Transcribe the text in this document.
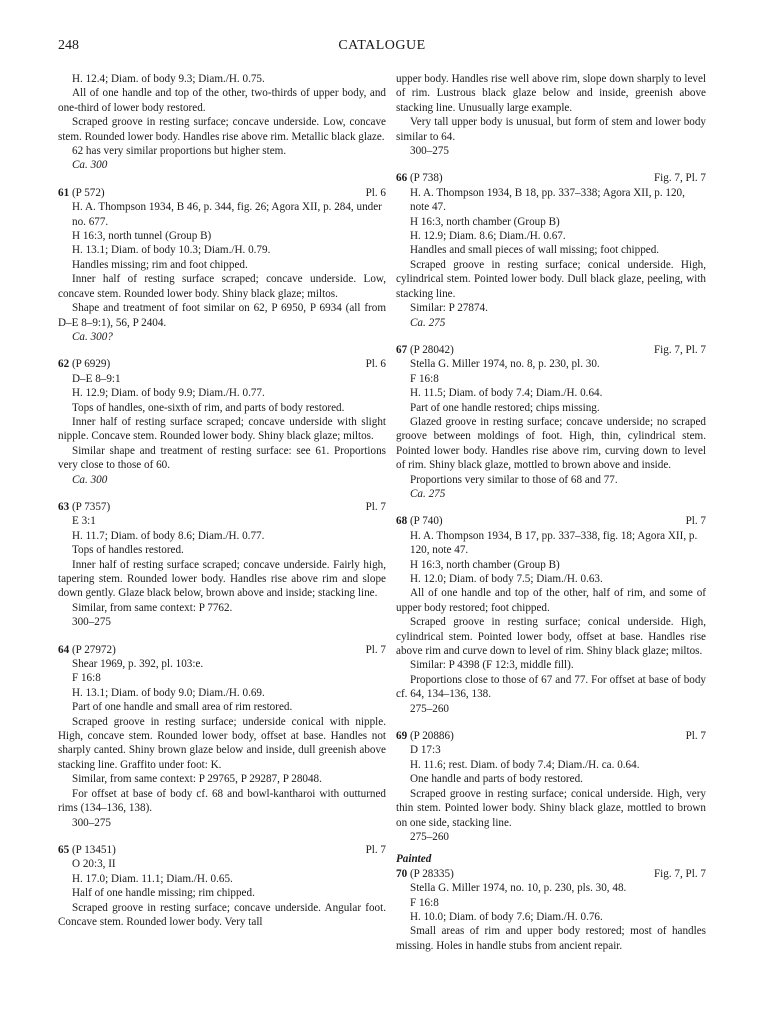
248	CATALOGUE

H. 12.4; Diam. of body 9.3; Diam./H. 0.75.

All of one handle and top of the other, two-thirds of upper body, and one-third of lower body restored.

Scraped groove in resting surface; concave underside. Low, concave stem. Rounded lower body. Handles rise above rim. Metallic black glaze.

62 has very similar proportions but higher stem.

Ca. 300

61 (P 572)	Pl. 6

H. A. Thompson 1934, B 46, p. 344, fig. 26; Agora XII, p. 284, under no. 677.

H 16:3, north tunnel (Group B)

H. 13.1; Diam. of body 10.3; Diam./H. 0.79.

Handles missing; rim and foot chipped.

Inner half of resting surface scraped; concave underside. Low, concave stem. Rounded lower body. Shiny black glaze; miltos.

Shape and treatment of foot similar on 62, P 6950, P 6934 (all from D–E 8–9:1), 56, P 2404.

Ca. 300?

62 (P 6929)	Pl. 6

D–E 8–9:1

H. 12.9; Diam. of body 9.9; Diam./H. 0.77.

Tops of handles, one-sixth of rim, and parts of body restored.

Inner half of resting surface scraped; concave underside with slight nipple. Concave stem. Rounded lower body. Shiny black glaze; miltos.

Similar shape and treatment of resting surface: see 61. Proportions very close to those of 60.

Ca. 300

63 (P 7357)	Pl. 7

E 3:1

H. 11.7; Diam. of body 8.6; Diam./H. 0.77.

Tops of handles restored.

Inner half of resting surface scraped; concave underside. Fairly high, tapering stem. Rounded lower body. Handles rise above rim and slope down gently. Glaze black below, brown above and inside; stacking line.

Similar, from same context: P 7762.

300–275

64 (P 27972)	Pl. 7

Shear 1969, p. 392, pl. 103:e.

F 16:8

H. 13.1; Diam. of body 9.0; Diam./H. 0.69.

Part of one handle and small area of rim restored.

Scraped groove in resting surface; underside conical with nipple. High, concave stem. Rounded lower body, offset at base. Handles not sharply canted. Shiny brown glaze below and inside, dull greenish above stacking line. Graffito under foot: K.

Similar, from same context: P 29765, P 29287, P 28048.

For offset at base of body cf. 68 and bowl-kantharoi with outturned rims (134–136, 138).

300–275

65 (P 13451)	Pl. 7

O 20:3, II

H. 17.0; Diam. 11.1; Diam./H. 0.65.

Half of one handle missing; rim chipped.

Scraped groove in resting surface; concave underside. Angular foot. Concave stem. Rounded lower body. Very tall

upper body. Handles rise well above rim, slope down sharply to level of rim. Lustrous black glaze below and inside, greenish above stacking line. Unusually large example.

Very tall upper body is unusual, but form of stem and lower body similar to 64.

300–275

66 (P 738)	Fig. 7, Pl. 7

H. A. Thompson 1934, B 18, pp. 337–338; Agora XII, p. 120, note 47.

H 16:3, north chamber (Group B)

H. 12.9; Diam. 8.6; Diam./H. 0.67.

Handles and small pieces of wall missing; foot chipped.

Scraped groove in resting surface; conical underside. High, cylindrical stem. Pointed lower body. Dull black glaze, peeling, with stacking line.

Similar: P 27874.

Ca. 275

67 (P 28042)	Fig. 7, Pl. 7

Stella G. Miller 1974, no. 8, p. 230, pl. 30.

F 16:8

H. 11.5; Diam. of body 7.4; Diam./H. 0.64.

Part of one handle restored; chips missing.

Glazed groove in resting surface; concave underside; no scraped groove between moldings of foot. High, thin, cylindrical stem. Pointed lower body. Handles rise above rim, curving down to level of rim. Shiny black glaze, mottled to brown above and inside.

Proportions very similar to those of 68 and 77.

Ca. 275

68 (P 740)	Pl. 7

H. A. Thompson 1934, B 17, pp. 337–338, fig. 18; Agora XII, p. 120, note 47.

H 16:3, north chamber (Group B)

H. 12.0; Diam. of body 7.5; Diam./H. 0.63.

All of one handle and top of the other, half of rim, and some of upper body restored; foot chipped.

Scraped groove in resting surface; conical underside. High, cylindrical stem. Pointed lower body, offset at base. Handles rise above rim and curve down to level of rim. Shiny black glaze; miltos.

Similar: P 4398 (F 12:3, middle fill).

Proportions close to those of 67 and 77. For offset at base of body cf. 64, 134–136, 138.

275–260

69 (P 20886)	Pl. 7

D 17:3

H. 11.6; rest. Diam. of body 7.4; Diam./H. ca. 0.64.

One handle and parts of body restored.

Scraped groove in resting surface; conical underside. High, very thin stem. Pointed lower body. Shiny black glaze, mottled to brown on one side, stacking line.

275–260

Painted

70 (P 28335)	Fig. 7, Pl. 7

Stella G. Miller 1974, no. 10, p. 230, pls. 30, 48.

F 16:8

H. 10.0; Diam. of body 7.6; Diam./H. 0.76.

Small areas of rim and upper body restored; most of handles missing. Holes in handle stubs from ancient repair.
